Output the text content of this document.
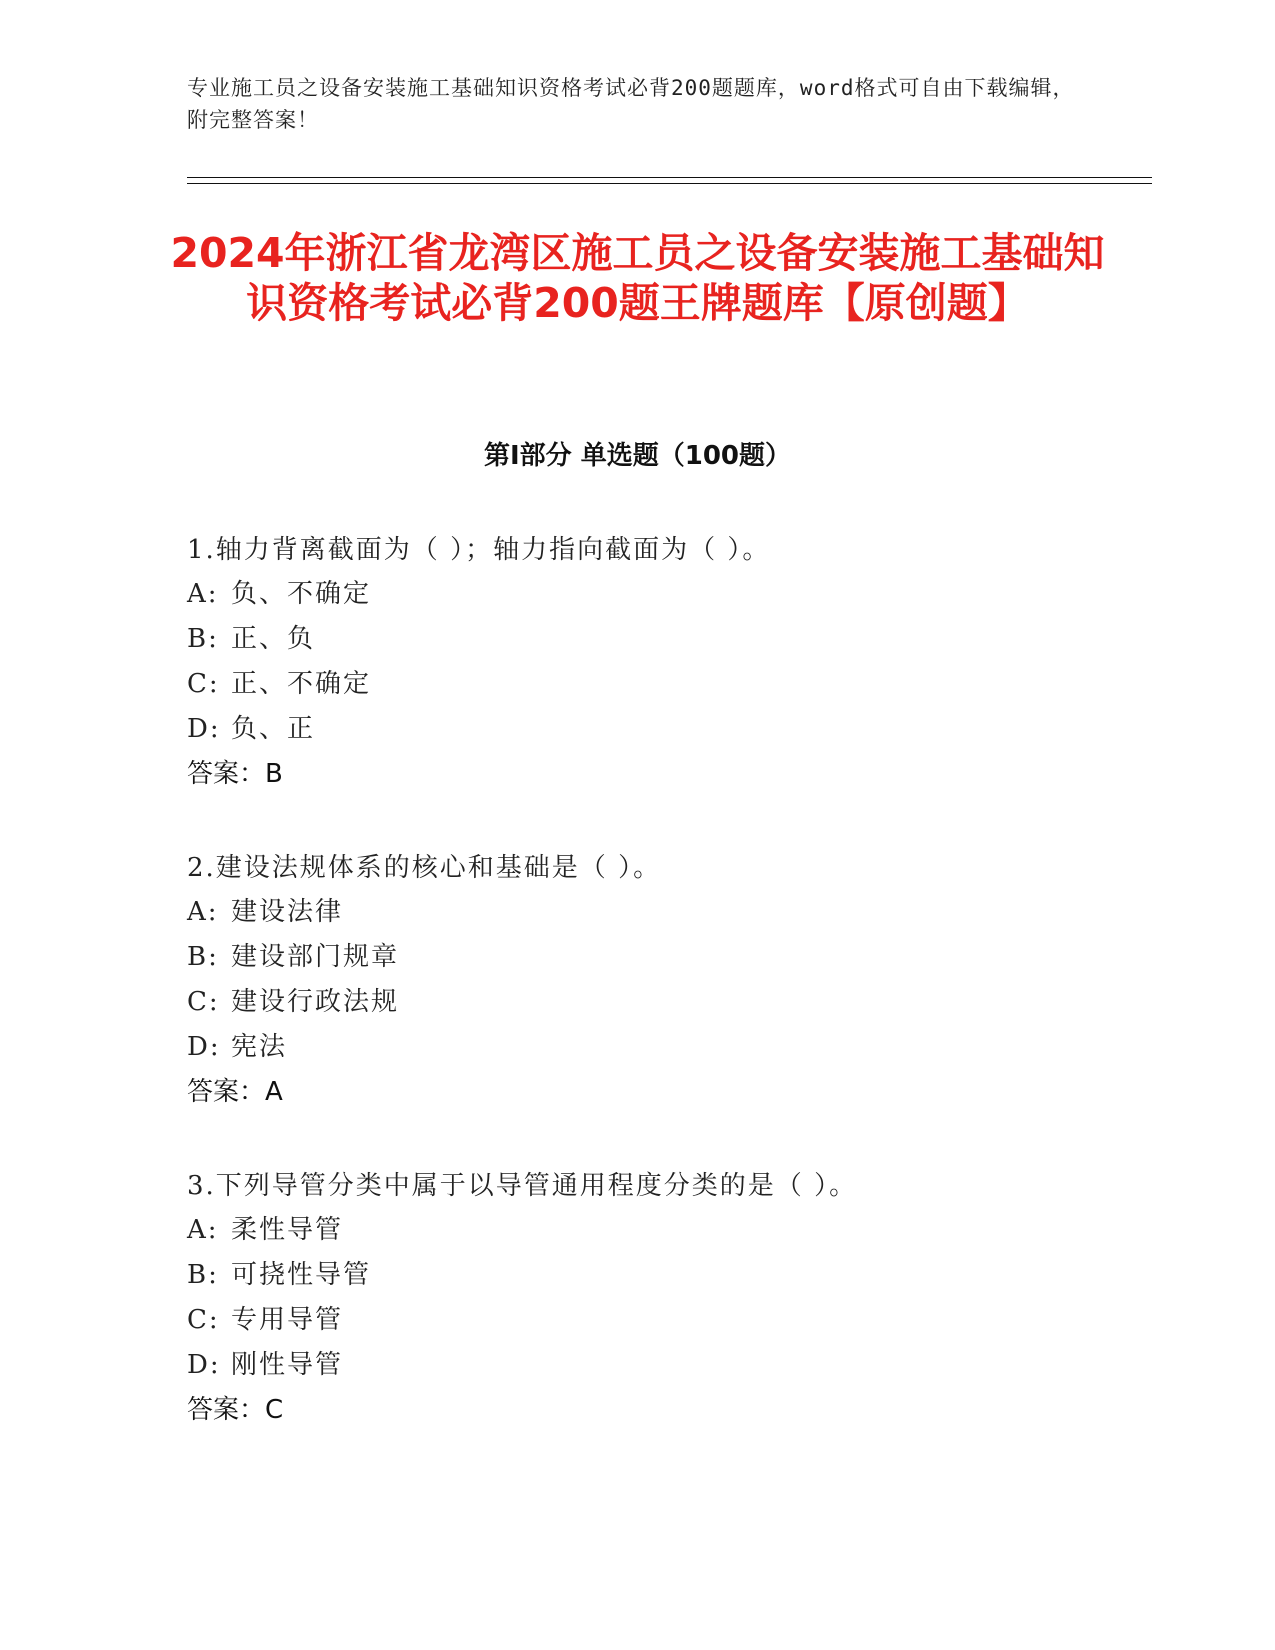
专业施工员之设备安装施工基础知识资格考试必背200题题库，word格式可自由下载编辑，附完整答案！
2024年浙江省龙湾区施工员之设备安装施工基础知识资格考试必背200题王牌题库【原创题】
第Ⅰ部分 单选题（100题）
1.轴力背离截面为（ ）；轴力指向截面为（ ）。
A: 负、不确定
B: 正、负
C: 正、不确定
D: 负、正
答案：B
2.建设法规体系的核心和基础是（ ）。
A: 建设法律
B: 建设部门规章
C: 建设行政法规
D: 宪法
答案：A
3.下列导管分类中属于以导管通用程度分类的是（ ）。
A: 柔性导管
B: 可挠性导管
C: 专用导管
D: 刚性导管
答案：C
